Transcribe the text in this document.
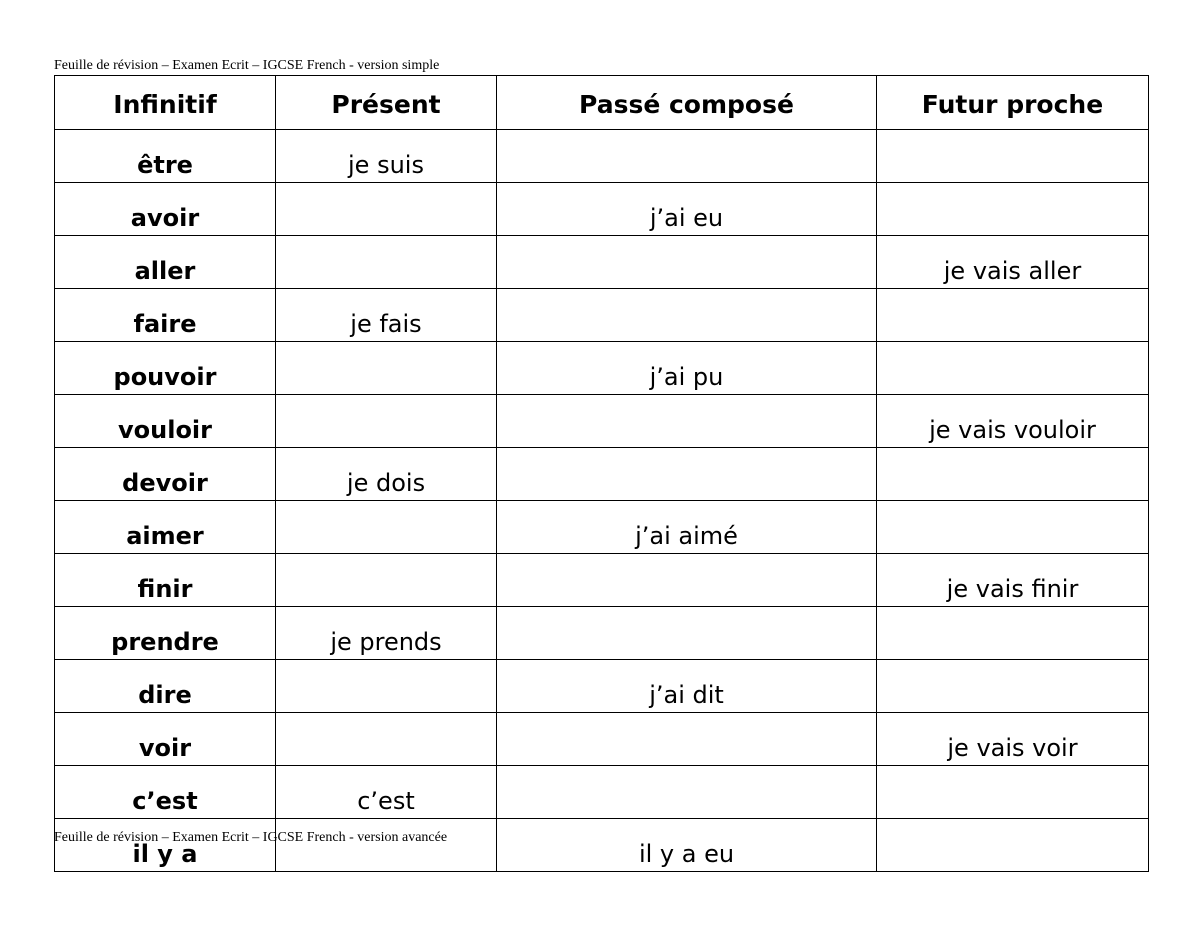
Feuille de révision – Examen Ecrit – IGCSE French - version simple
Infinitif	Présent	Passé composé	Futur proche
être	je suis		
avoir		j’ai eu	
aller			je vais aller
faire	je fais		
pouvoir		j’ai pu	
vouloir			je vais vouloir
devoir	je dois		
aimer		j’ai aimé	
finir			je vais finir
prendre	je prends		
dire		j’ai dit	
voir			je vais voir
c’est	c’est		
il y a		il y a eu	
Feuille de révision – Examen Ecrit – IGCSE French - version avancée
